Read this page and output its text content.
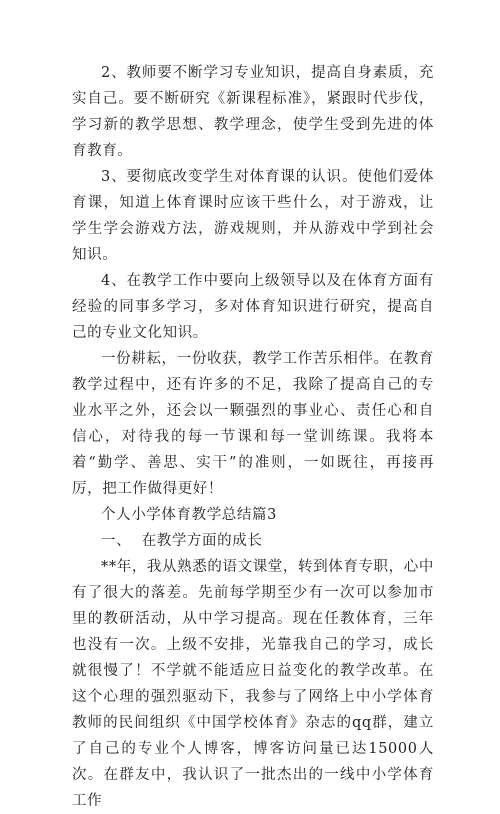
2、教师要不断学习专业知识，提高自身素质，充实自己。要不断研究《新课程标准》，紧跟时代步伐，学习新的教学思想、教学理念，使学生受到先进的体育教育。

3、要彻底改变学生对体育课的认识。使他们爱体育课，知道上体育课时应该干些什么，对于游戏，让学生学会游戏方法，游戏规则，并从游戏中学到社会知识。

4、在教学工作中要向上级领导以及在体育方面有经验的同事多学习，多对体育知识进行研究，提高自己的专业文化知识。

一份耕耘，一份收获，教学工作苦乐相伴。在教育教学过程中，还有许多的不足，我除了提高自己的专业水平之外，还会以一颗强烈的事业心、责任心和自信心，对待我的每一节课和每一堂训练课。我将本着“勤学、善思、实干”的准则，一如既往，再接再厉，把工作做得更好！

个人小学体育教学总结篇3

一、  在教学方面的成长

**年，我从熟悉的语文课堂，转到体育专职，心中有了很大的落差。先前每学期至少有一次可以参加市里的教研活动，从中学习提高。现在任教体育，三年也没有一次。上级不安排，光靠我自己的学习，成长就很慢了！不学就不能适应日益变化的教学改革。在这个心理的强烈驱动下，我参与了网络上中小学体育教师的民间组织《中国学校体育》杂志的qq群，建立了自己的专业个人博客，博客访问量已达15000人次。在群友中，我认识了一批杰出的一线中小学体育工作
